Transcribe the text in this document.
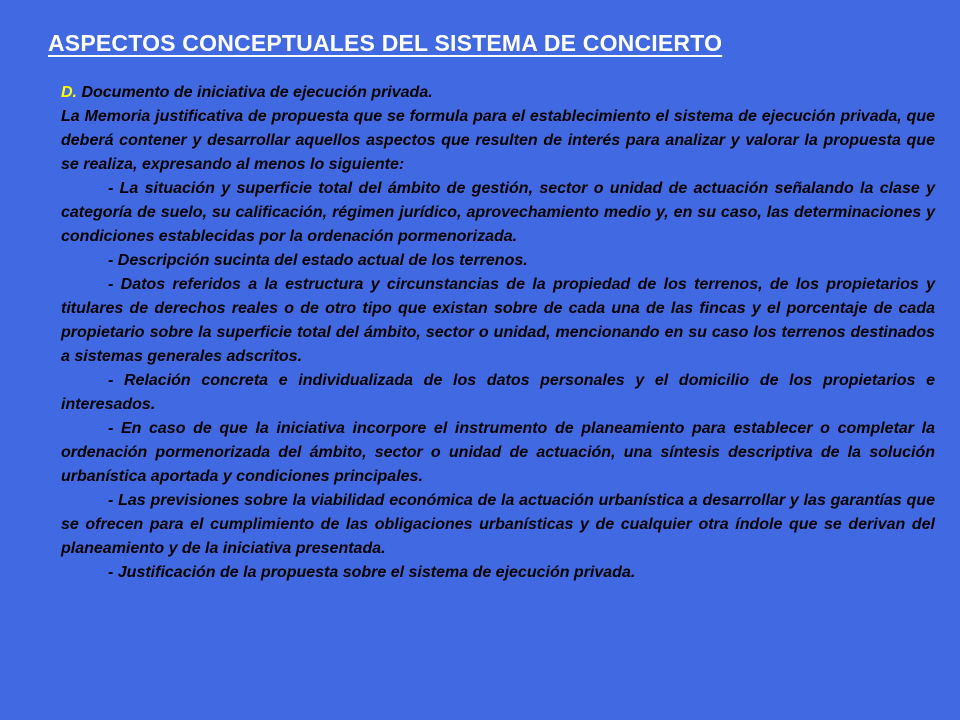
ASPECTOS CONCEPTUALES DEL SISTEMA DE CONCIERTO

D. Documento de iniciativa de ejecución privada.

La Memoria justificativa de propuesta que se formula para el establecimiento el sistema de ejecución privada, que deberá contener y desarrollar aquellos aspectos que resulten de interés para analizar y valorar la propuesta que se realiza, expresando al menos lo siguiente:

- La situación y superficie total del ámbito de gestión, sector o unidad de actuación señalando la clase y categoría de suelo, su calificación, régimen jurídico, aprovechamiento medio y, en su caso, las determinaciones y condiciones establecidas por la ordenación pormenorizada.

- Descripción sucinta del estado actual de los terrenos.

- Datos referidos a la estructura y circunstancias de la propiedad de los terrenos, de los propietarios y titulares de derechos reales o de otro tipo que existan sobre de cada una de las fincas y el porcentaje de cada propietario sobre la superficie total del ámbito, sector o unidad, mencionando en su caso los terrenos destinados a sistemas generales adscritos.

- Relación concreta e individualizada de los datos personales y el domicilio de los propietarios e interesados.

- En caso de que la iniciativa incorpore el instrumento de planeamiento para establecer o completar la ordenación pormenorizada del ámbito, sector o unidad de actuación, una síntesis descriptiva de la solución urbanística aportada y condiciones principales.

- Las previsiones sobre la viabilidad económica de la actuación urbanística a desarrollar y las garantías que se ofrecen para el cumplimiento de las obligaciones urbanísticas y de cualquier otra índole que se derivan del planeamiento y de la iniciativa presentada.

- Justificación de la propuesta sobre el sistema de ejecución privada.
